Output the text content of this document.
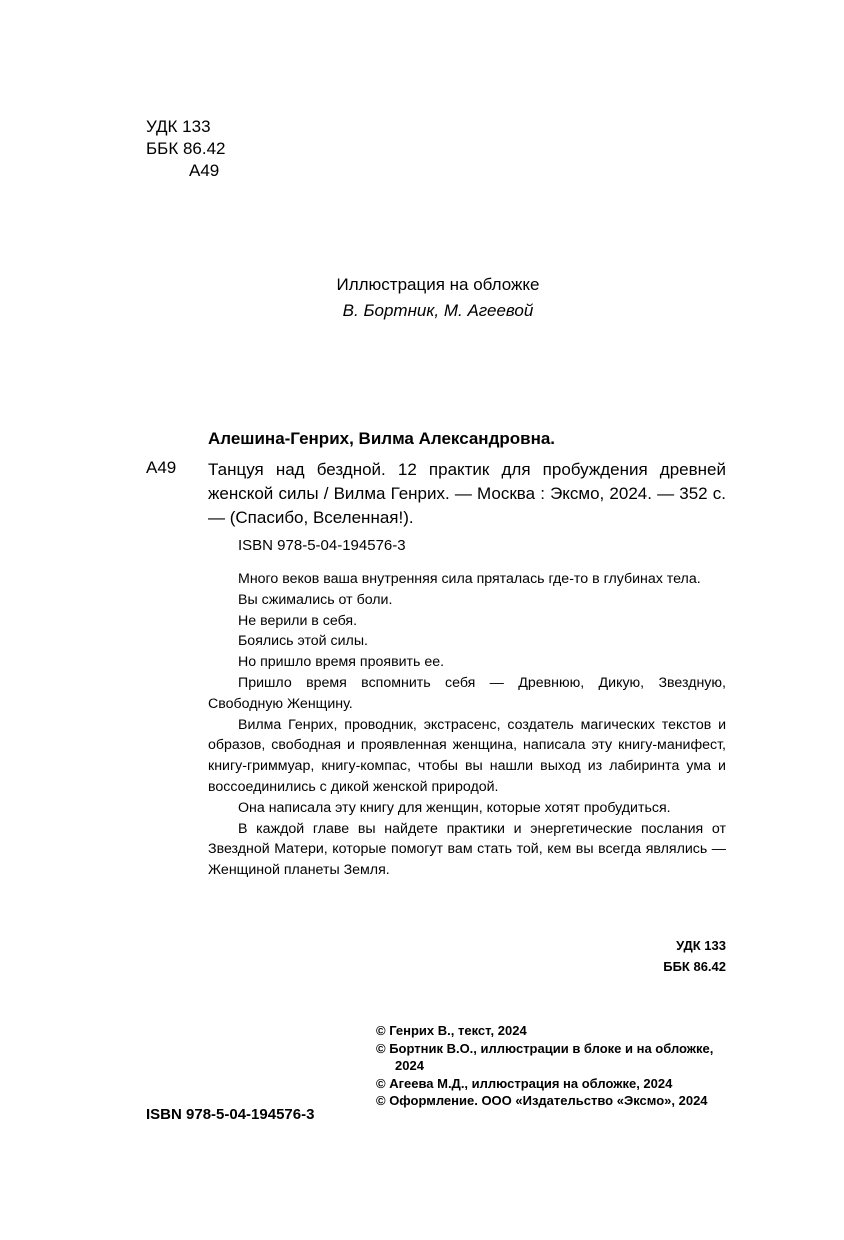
УДК 133
ББК 86.42
А49
Иллюстрация на обложке
В. Бортник, М. Агеевой
Алешина-Генрих, Вилма Александровна.
А49 Танцуя над бездной. 12 практик для пробуждения древней женской силы / Вилма Генрих. — Москва : Эксмо, 2024. — 352 с. — (Спасибо, Вселенная!).

ISBN 978-5-04-194576-3

Много веков ваша внутренняя сила пряталась где-то в глубинах тела.

Вы сжимались от боли.

Не верили в себя.

Боялись этой силы.

Но пришло время проявить ее.

Пришло время вспомнить себя — Древнюю, Дикую, Звездную, Свободную Женщину.

Вилма Генрих, проводник, экстрасенс, создатель магических текстов и образов, свободная и проявленная женщина, написала эту книгу-манифест, книгу-гриммуар, книгу-компас, чтобы вы нашли выход из лабиринта ума и воссоединились с дикой женской природой.

Она написала эту книгу для женщин, которые хотят пробудиться.

В каждой главе вы найдете практики и энергетические послания от Звездной Матери, которые помогут вам стать той, кем вы всегда являлись — Женщиной планеты Земля.

УДК 133
ББК 86.42
© Генрих В., текст, 2024
© Бортник В.О., иллюстрации в блоке и на обложке, 2024
© Агеева М.Д., иллюстрация на обложке, 2024
© Оформление. ООО «Издательство «Эксмо», 2024
ISBN 978-5-04-194576-3
